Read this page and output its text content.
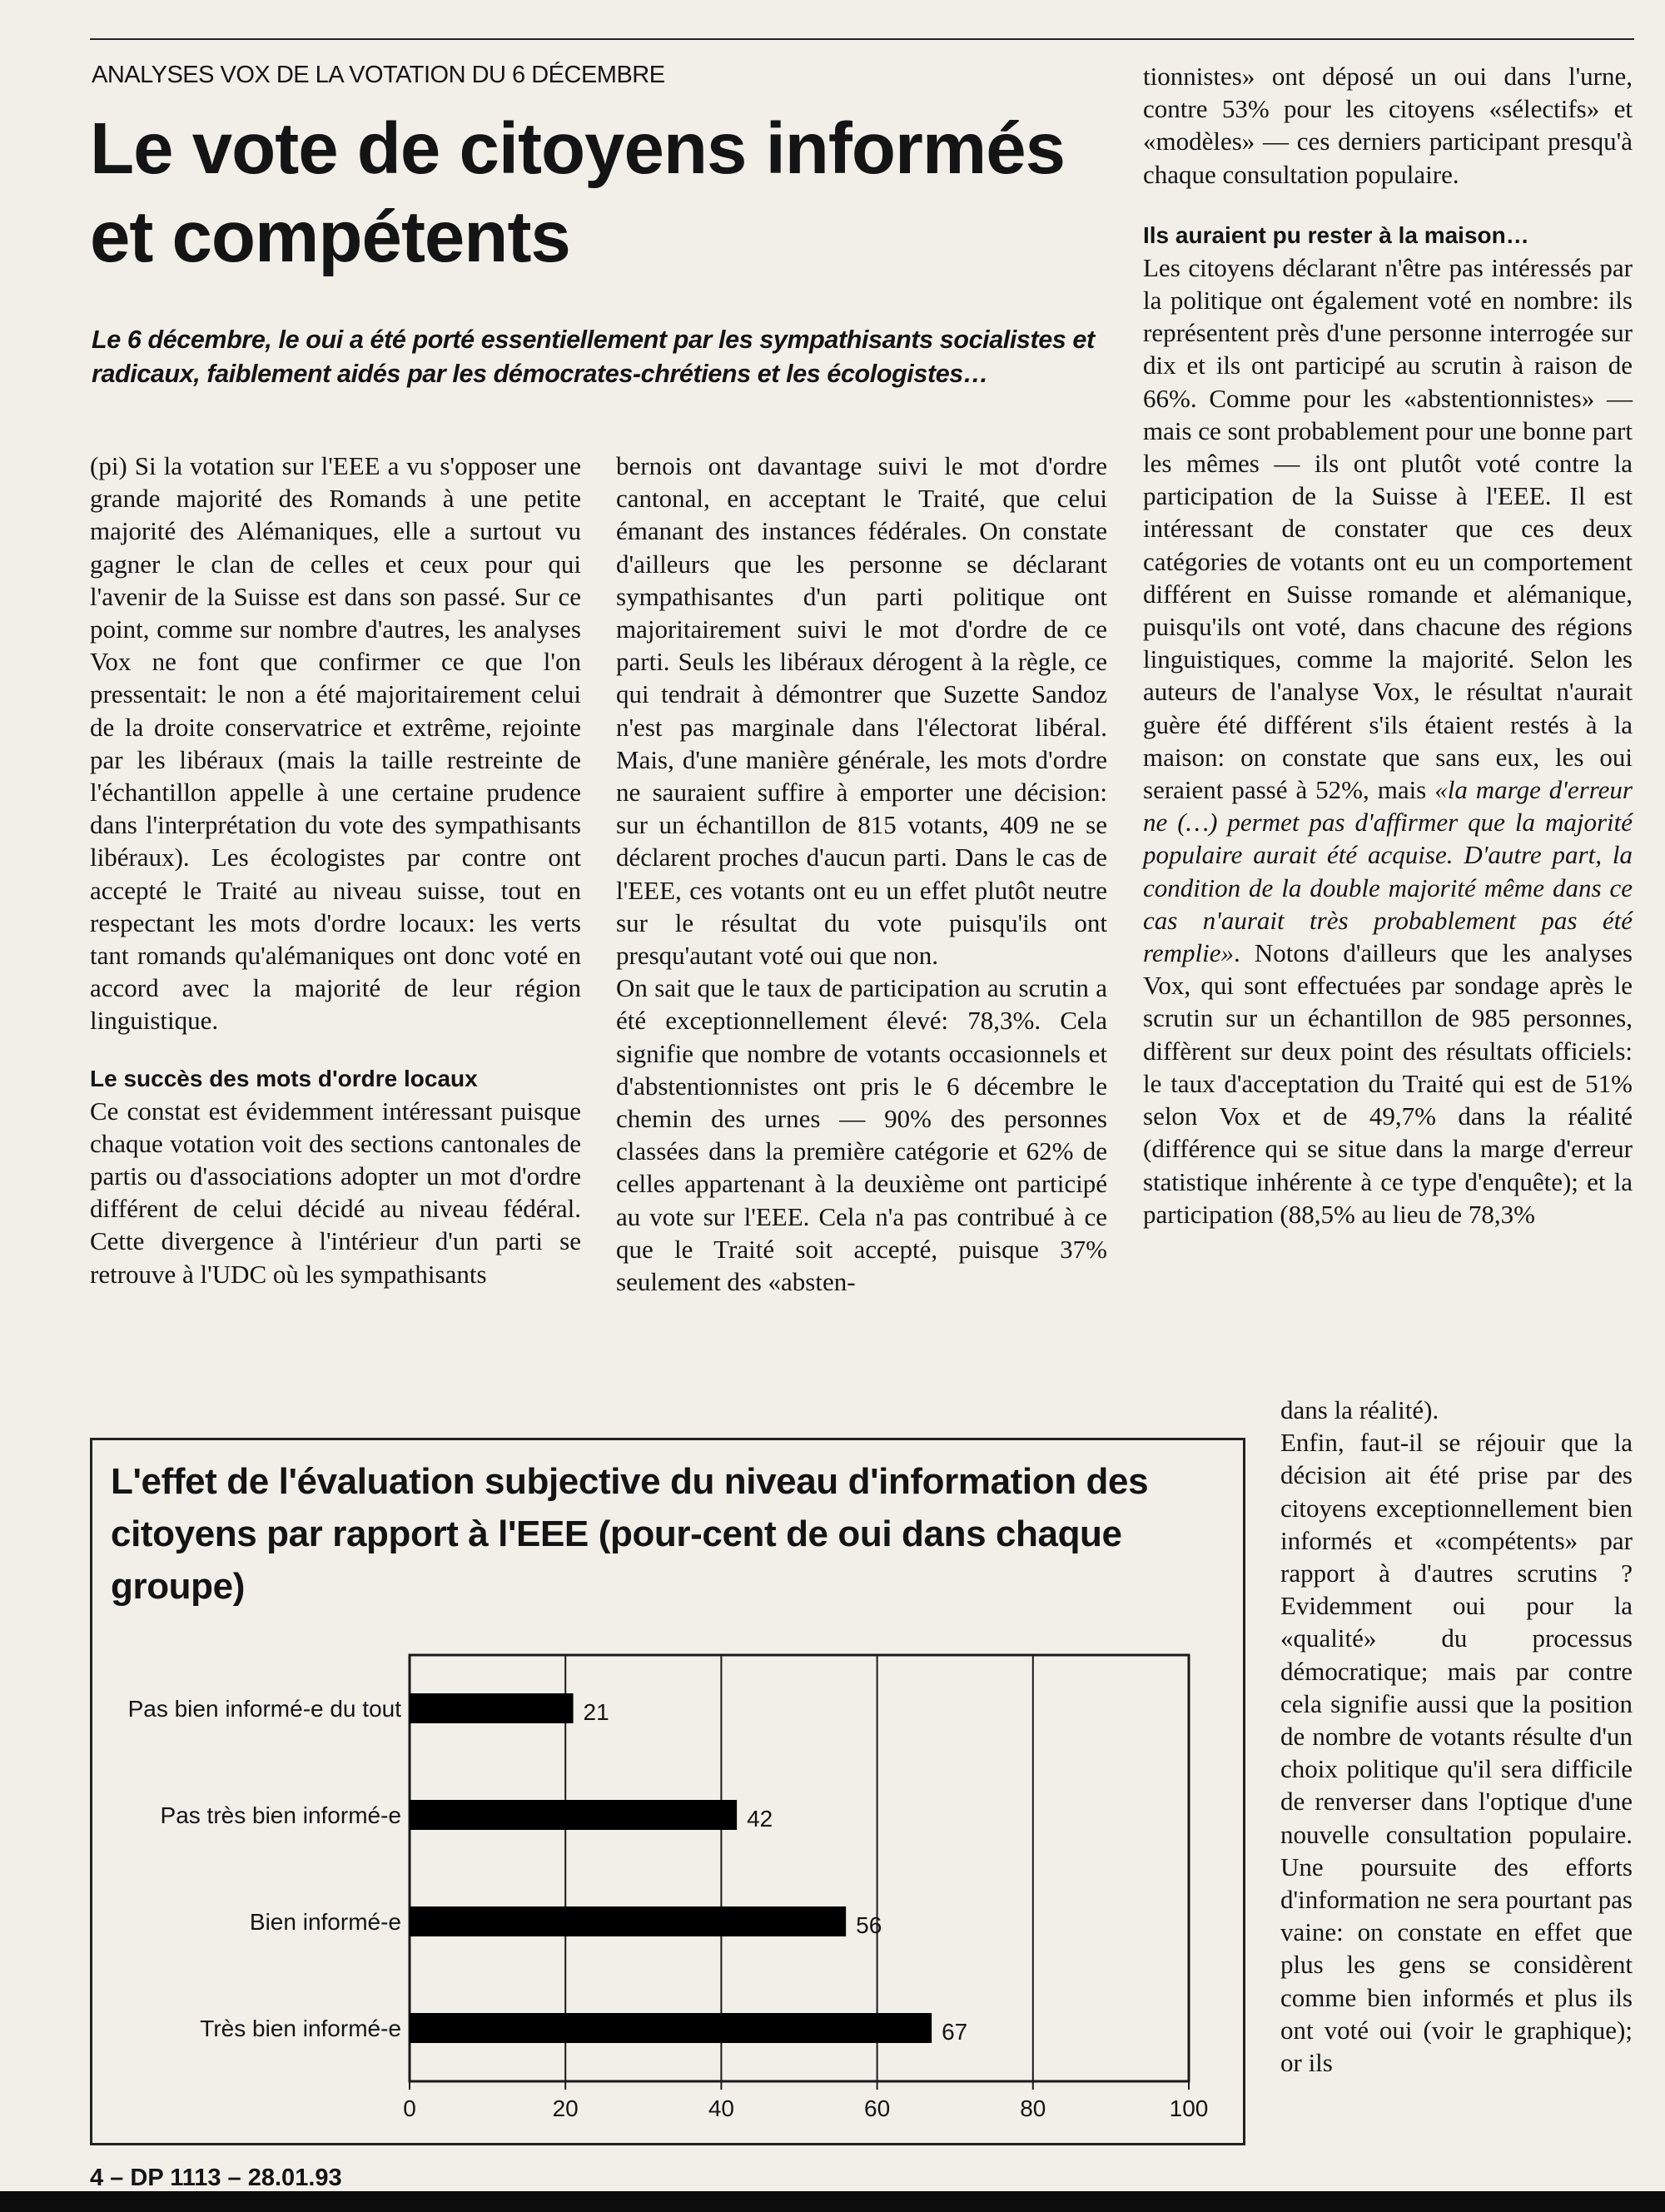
ANALYSES VOX DE LA VOTATION DU 6 DÉCEMBRE
Le vote de citoyens informés et compétents

Le 6 décembre, le oui a été porté essentiellement par les sympathisants socialistes et radicaux, faiblement aidés par les démocrates-chrétiens et les écologistes…

(pi) Si la votation sur l'EEE a vu s'opposer une grande majorité des Romands à une petite majorité des Alémaniques, elle a surtout vu gagner le clan de celles et ceux pour qui l'avenir de la Suisse est dans son passé. Sur ce point, comme sur nombre d'autres, les analyses Vox ne font que confirmer ce que l'on pressentait: le non a été majoritairement celui de la droite conservatrice et extrême, rejointe par les libéraux (mais la taille restreinte de l'échantillon appelle à une certaine prudence dans l'interprétation du vote des sympathisants libéraux). Les écologistes par contre ont accepté le Traité au niveau suisse, tout en respectant les mots d'ordre locaux: les verts tant romands qu'alémaniques ont donc voté en accord avec la majorité de leur région linguistique.

Le succès des mots d'ordre locaux

Ce constat est évidemment intéressant puisque chaque votation voit des sections cantonales de partis ou d'associations adopter un mot d'ordre différent de celui décidé au niveau fédéral. Cette divergence à l'intérieur d'un parti se retrouve à l'UDC où les sympathisants

bernois ont davantage suivi le mot d'ordre cantonal, en acceptant le Traité, que celui émanant des instances fédérales. On constate d'ailleurs que les personne se déclarant sympathisantes d'un parti politique ont majoritairement suivi le mot d'ordre de ce parti. Seuls les libéraux dérogent à la règle, ce qui tendrait à démontrer que Suzette Sandoz n'est pas marginale dans l'électorat libéral. Mais, d'une manière générale, les mots d'ordre ne sauraient suffire à emporter une décision: sur un échantillon de 815 votants, 409 ne se déclarent proches d'aucun parti. Dans le cas de l'EEE, ces votants ont eu un effet plutôt neutre sur le résultat du vote puisqu'ils ont presqu'autant voté oui que non.

On sait que le taux de participation au scrutin a été exceptionnellement élevé: 78,3%. Cela signifie que nombre de votants occasionnels et d'abstentionnistes ont pris le 6 décembre le chemin des urnes — 90% des personnes classées dans la première catégorie et 62% de celles appartenant à la deuxième ont participé au vote sur l'EEE. Cela n'a pas contribué à ce que le Traité soit accepté, puisque 37% seulement des «absten-

tionnistes» ont déposé un oui dans l'urne, contre 53% pour les citoyens «sélectifs» et «modèles» — ces derniers participant presqu'à chaque consultation populaire.

Ils auraient pu rester à la maison…

Les citoyens déclarant n'être pas intéressés par la politique ont également voté en nombre: ils représentent près d'une personne interrogée sur dix et ils ont participé au scrutin à raison de 66%. Comme pour les «abstentionnistes» — mais ce sont probablement pour une bonne part les mêmes — ils ont plutôt voté contre la participation de la Suisse à l'EEE. Il est intéressant de constater que ces deux catégories de votants ont eu un comportement différent en Suisse romande et alémanique, puisqu'ils ont voté, dans chacune des régions linguistiques, comme la majorité. Selon les auteurs de l'analyse Vox, le résultat n'aurait guère été différent s'ils étaient restés à la maison: on constate que sans eux, les oui seraient passé à 52%, mais «la marge d'erreur ne (…) permet pas d'affirmer que la majorité populaire aurait été acquise. D'autre part, la condition de la double majorité même dans ce cas n'aurait très probablement pas été remplie». Notons d'ailleurs que les analyses Vox, qui sont effectuées par sondage après le scrutin sur un échantillon de 985 personnes, diffèrent sur deux point des résultats officiels: le taux d'acceptation du Traité qui est de 51% selon Vox et de 49,7% dans la réalité (différence qui se situe dans la marge d'erreur statistique inhérente à ce type d'enquête); et la participation (88,5% au lieu de 78,3%

dans la réalité).

Enfin, faut-il se réjouir que la décision ait été prise par des citoyens exceptionnellement bien informés et «compétents» par rapport à d'autres scrutins ? Evidemment oui pour la «qualité» du processus démocratique; mais par contre cela signifie aussi que la position de nombre de votants résulte d'un choix politique qu'il sera difficile de renverser dans l'optique d'une nouvelle consultation populaire. Une poursuite des efforts d'information ne sera pourtant pas vaine: on constate en effet que plus les gens se considèrent comme bien informés et plus ils ont voté oui (voir le graphique); or ils

L'effet de l'évaluation subjective du niveau d'information des citoyens par rapport à l'EEE (pour-cent de oui dans chaque groupe)

0	20	40	60	80	100
Pas bien informé-e du tout	21
Pas très bien informé-e	42
Bien informé-e	56
Très bien informé-e	67
4 – DP 1113 – 28.01.93
